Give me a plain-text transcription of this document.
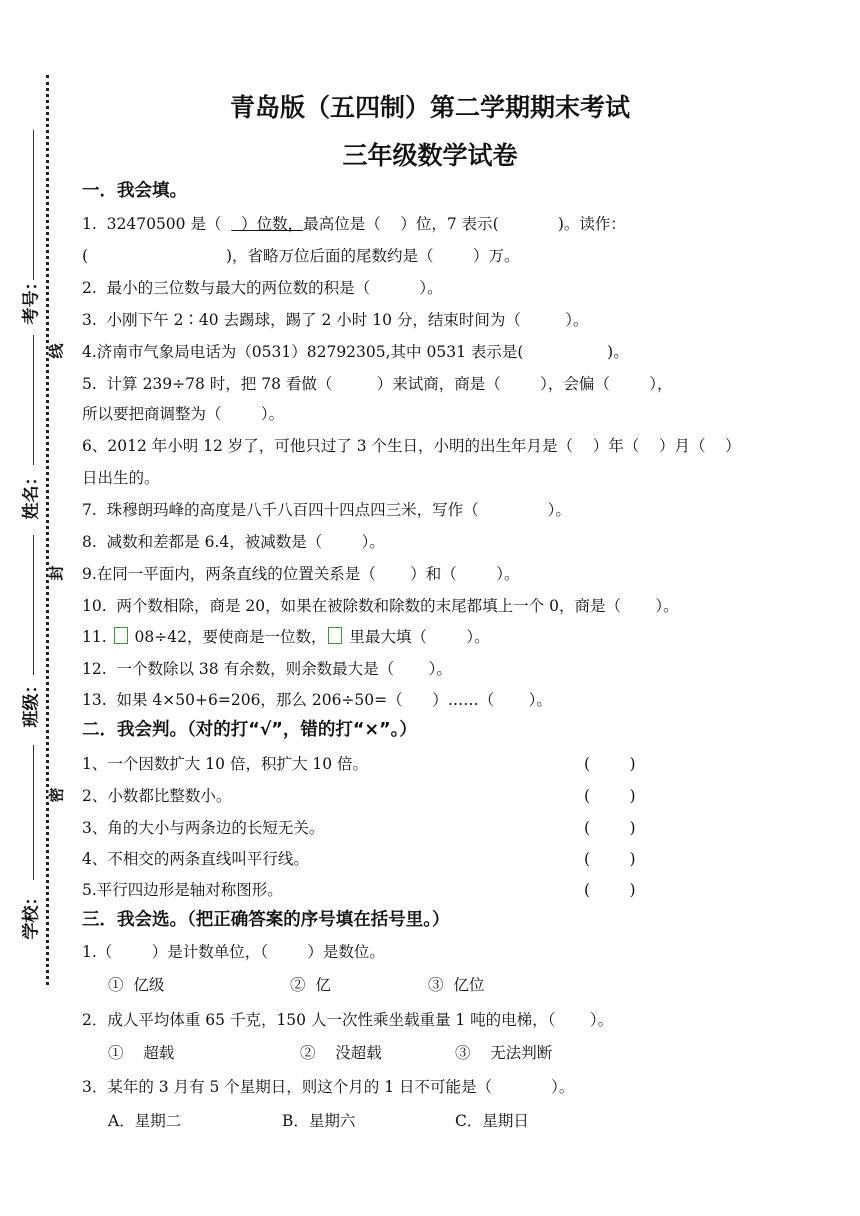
考号：
姓名：
班级：
学校：
线
封
密
青岛版（五四制）第二学期期末考试
三年级数学试卷
一．我会填。
1.  32470500 是（    ）位数，最高位是（    ）位，7 表示(            )。读作：
(                            )，省略万位后面的尾数约是（        ）万。
2.  最小的三位数与最大的两位数的积是（          ）。
3.  小刚下午 2∶40 去踢球，踢了 2 小时 10 分，结束时间为（         ）。
4.济南市气象局电话为（0531）82792305,其中 0531 表示是(                 )。
5.  计算 239÷78 时，把 78 看做（         ）来试商，商是（        ），会偏（        ），
所以要把商调整为（        ）。
6、2012 年小明 12 岁了，可他只过了 3 个生日，小明的出生年月是（    ）年（    ）月（    ）
日出生的。
7.  珠穆朗玛峰的高度是八千八百四十四点四三米，写作（              ）。
8.  减数和差都是 6.4，被减数是（        ）。
9.在同一平面内，两条直线的位置关系是（       ）和（        ）。
10.  两个数相除，商是 20，如果在被除数和除数的末尾都填上一个 0，商是（       ）。
11. 08÷42，要使商是一位数， 里最大填（        ）。
12.  一个数除以 38 有余数，则余数最大是（       ）。
13.  如果 4×50+6=206，那么 206÷50=（      ）……（       ）。
二．我会判。（对的打“√”，错的打“×”。）
1、一个因数扩大 10 倍，积扩大 10 倍。	(        )
2、小数都比整数小。	(        )
3、角的大小与两条边的长短无关。	(        )
4、不相交的两条直线叫平行线。	(        )
5.平行四边形是轴对称图形。	(        )
三．我会选。（把正确答案的序号填在括号里。）
1.（        ）是计数单位，（        ）是数位。
①  亿级	②  亿	③  亿位
2．成人平均体重 65 千克，150 人一次性乘坐载重量 1 吨的电梯，（       ）。
①    超载	②    没超载	③    无法判断
3．某年的 3 月有 5 个星期日，则这个月的 1 日不可能是（            ）。
A．星期二	B．星期六	C．星期日
